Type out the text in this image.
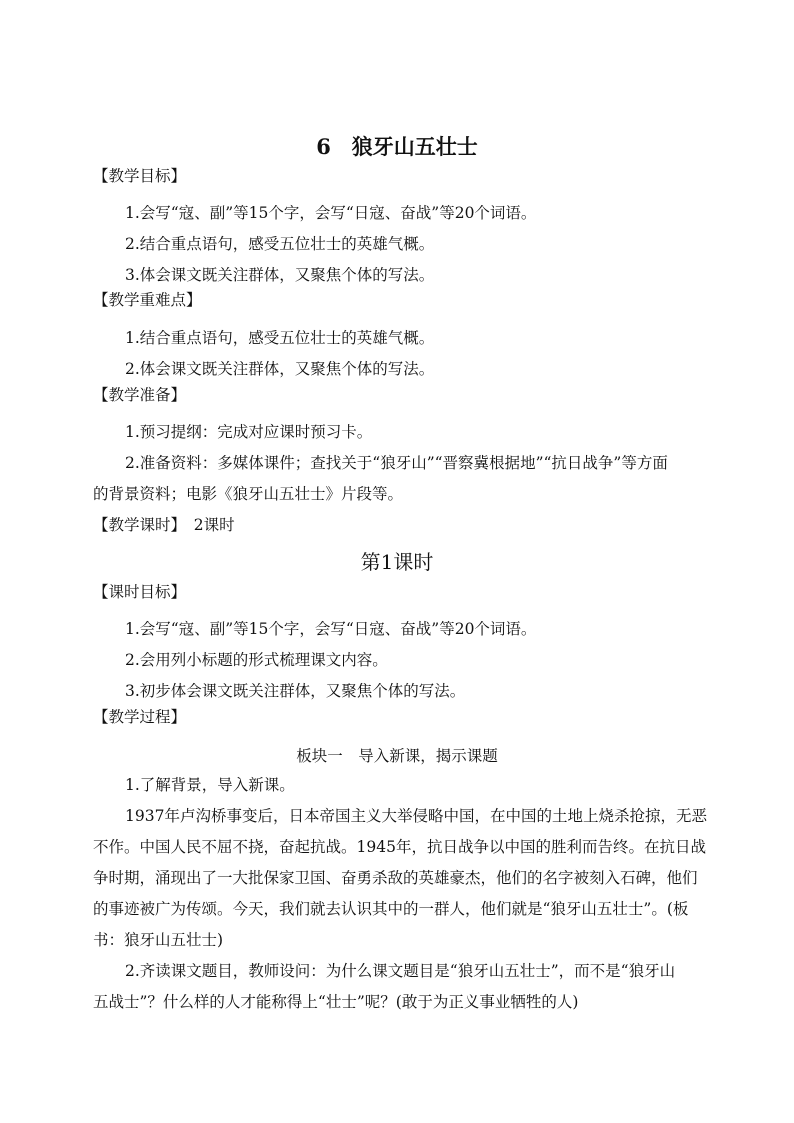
6　狼牙山五壮士
【教学目标】
1.会写“寇、副”等15个字，会写“日寇、奋战”等20个词语。
2.结合重点语句，感受五位壮士的英雄气概。
3.体会课文既关注群体，又聚焦个体的写法。
【教学重难点】
1.结合重点语句，感受五位壮士的英雄气概。
2.体会课文既关注群体，又聚焦个体的写法。
【教学准备】
1.预习提纲：完成对应课时预习卡。
2.准备资料：多媒体课件；查找关于“狼牙山”“晋察冀根据地”“抗日战争”等方面
的背景资料；电影《狼牙山五壮士》片段等。
【教学课时】　2课时
第1课时
【课时目标】
1.会写“寇、副”等15个字，会写“日寇、奋战”等20个词语。
2.会用列小标题的形式梳理课文内容。
3.初步体会课文既关注群体，又聚焦个体的写法。
【教学过程】
板块一　导入新课，揭示课题
1.了解背景，导入新课。
1937年卢沟桥事变后，日本帝国主义大举侵略中国，在中国的土地上烧杀抢掠，无恶
不作。中国人民不屈不挠，奋起抗战。1945年，抗日战争以中国的胜利而告终。在抗日战
争时期，涌现出了一大批保家卫国、奋勇杀敌的英雄豪杰，他们的名字被刻入石碑，他们
的事迹被广为传颂。今天，我们就去认识其中的一群人，他们就是“狼牙山五壮士”。(板
书：狼牙山五壮士)
2.齐读课文题目，教师设问：为什么课文题目是“狼牙山五壮士”，而不是“狼牙山
五战士”？什么样的人才能称得上“壮士”呢？(敢于为正义事业牺牲的人)
